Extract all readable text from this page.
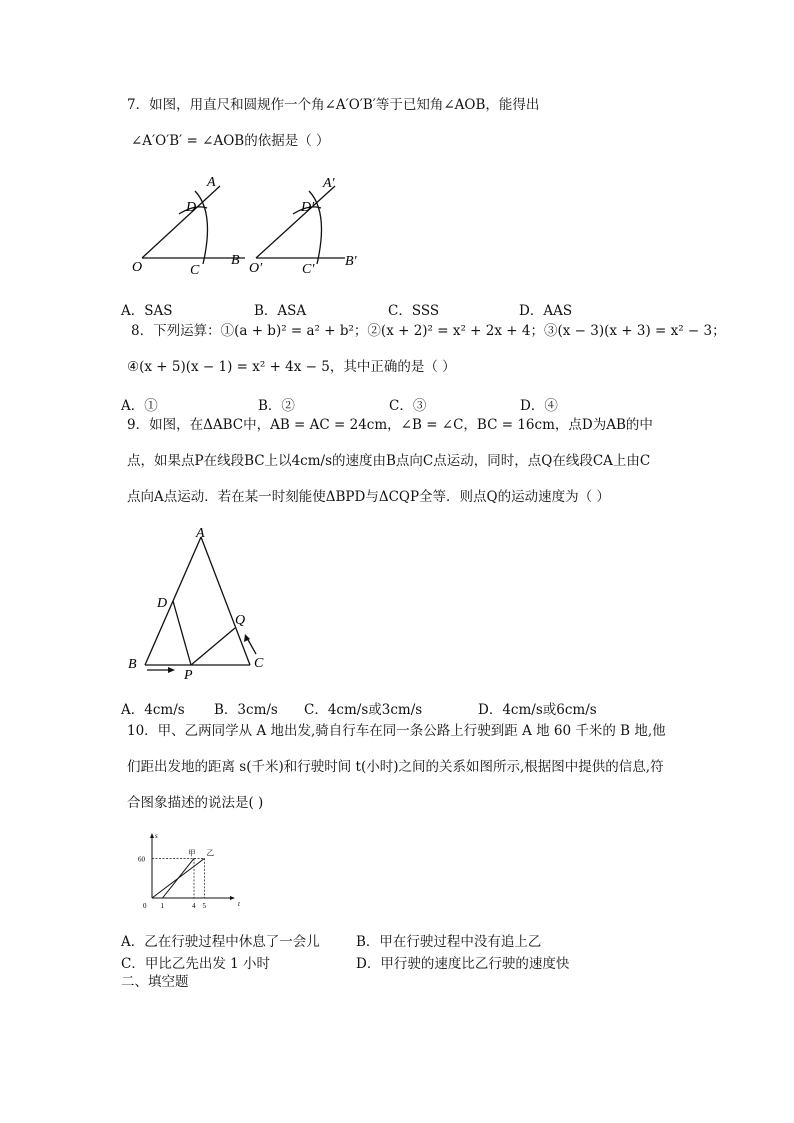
7．如图，用直尺和圆规作一个角∠A′O′B′等于已知角∠AOB，能得出
∠A′O′B′ = ∠AOB的依据是（ ）
A
D
B
O	C
A′
D′
B′
O′	C′
A．SAS	B．ASA	C．SSS	D．AAS
8．下列运算：①(a + b)² = a² + b²；②(x + 2)² = x² + 2x + 4；③(x − 3)(x + 3) = x² − 3；
④(x + 5)(x − 1) = x² + 4x − 5，其中正确的是（ ）
A．①	B．②	C．③	D．④
9．如图，在ΔABC中，AB = AC = 24cm，∠B = ∠C，BC = 16cm，点D为AB的中
点，如果点P在线段BC上以4cm/s的速度由B点向C点运动，同时，点Q在线段CA上由C
点向A点运动．若在某一时刻能使ΔBPD与ΔCQP全等．则点Q的运动速度为（ ）
A
D
Q
B	C
P
A．4cm/s B．3cm/s C．4cm/s或3cm/s	D．4cm/s或6cm/s
10．甲、乙两同学从 A 地出发,骑自行车在同一条公路上行驶到距 A 地 60 千米的 B 地,他
们距出发地的距离 s(千米)和行驶时间 t(小时)之间的关系如图所示,根据图中提供的信息,符
合图象描述的说法是( )
t
s
60
0 1	4 5
甲 乙
A．乙在行驶过程中休息了一会儿	B．甲在行驶过程中没有追上乙
C．甲比乙先出发 1 小时	D．甲行驶的速度比乙行驶的速度快
二、填空题
